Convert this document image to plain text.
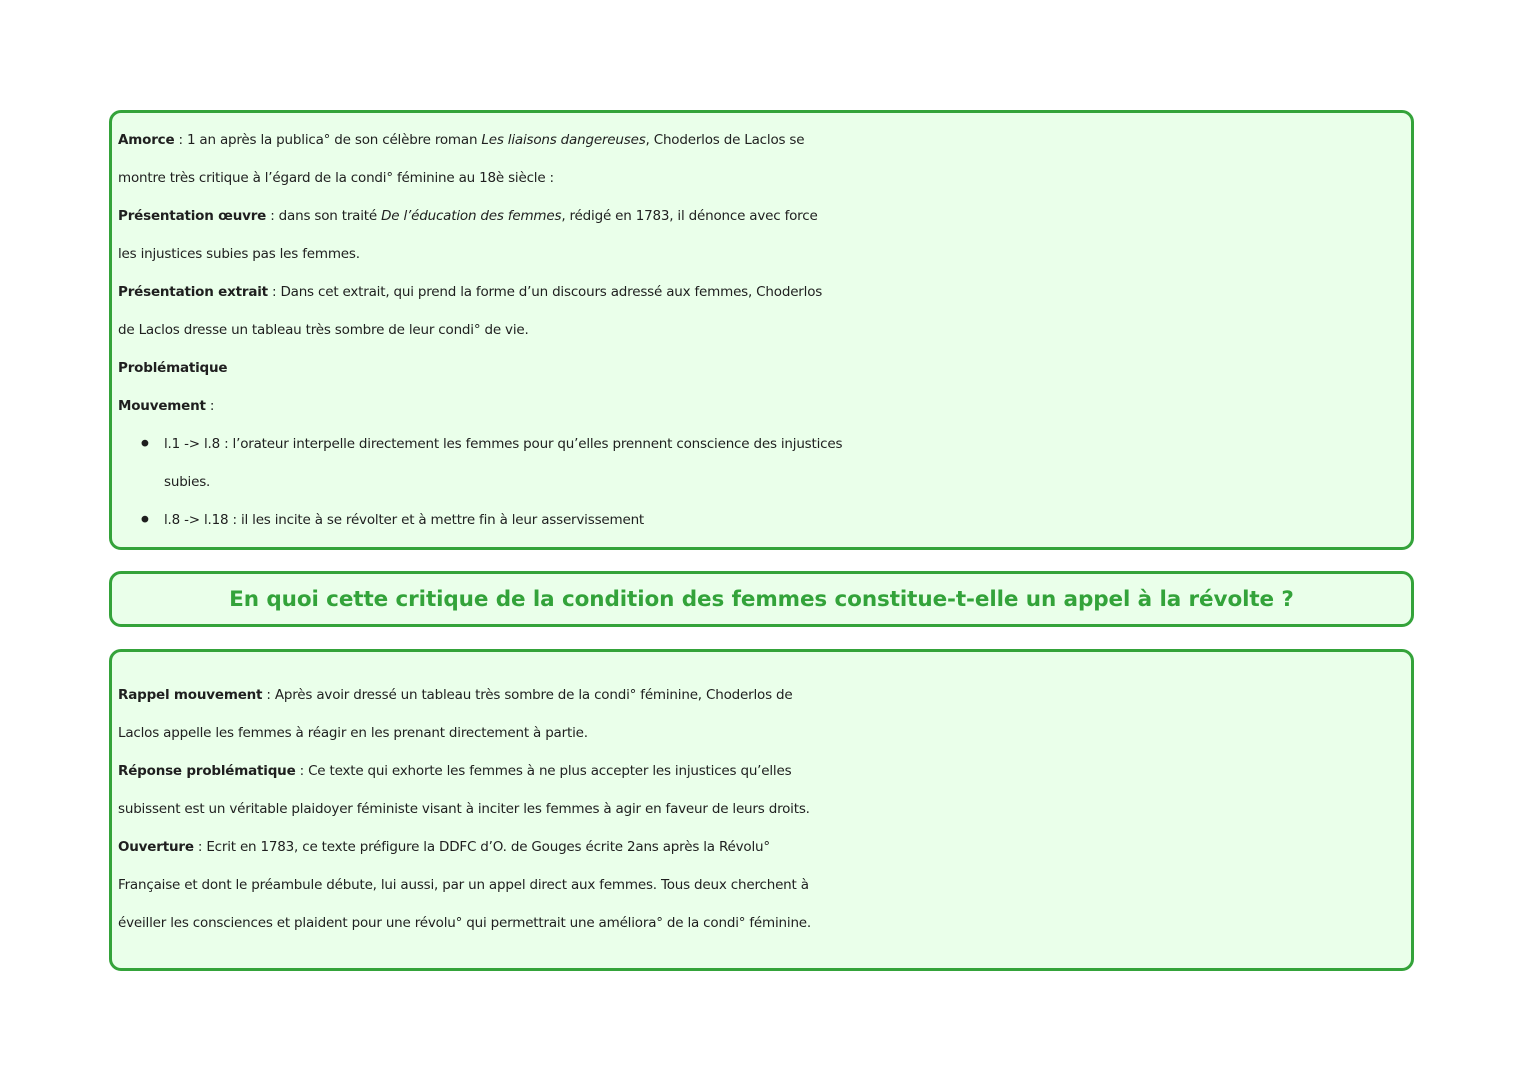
Amorce : 1 an après la publica° de son célèbre roman Les liaisons dangereuses, Choderlos de Laclos se
montre très critique à l’égard de la condi° féminine au 18è siècle :
Présentation œuvre : dans son traité De l’éducation des femmes, rédigé en 1783, il dénonce avec force
les injustices subies pas les femmes.
Présentation extrait : Dans cet extrait, qui prend la forme d’un discours adressé aux femmes, Choderlos
de Laclos dresse un tableau très sombre de leur condi° de vie.
Problématique
Mouvement :
• l.1 -> l.8 : l’orateur interpelle directement les femmes pour qu’elles prennent conscience des injustices
subies.
• l.8 -> l.18 : il les incite à se révolter et à mettre fin à leur asservissement
En quoi cette critique de la condition des femmes constitue-t-elle un appel à la révolte ?
Rappel mouvement : Après avoir dressé un tableau très sombre de la condi° féminine, Choderlos de
Laclos appelle les femmes à réagir en les prenant directement à partie.
Réponse problématique : Ce texte qui exhorte les femmes à ne plus accepter les injustices qu’elles
subissent est un véritable plaidoyer féministe visant à inciter les femmes à agir en faveur de leurs droits.
Ouverture : Ecrit en 1783, ce texte préfigure la DDFC d’O. de Gouges écrite 2ans après la Révolu°
Française et dont le préambule débute, lui aussi, par un appel direct aux femmes. Tous deux cherchent à
éveiller les consciences et plaident pour une révolu° qui permettrait une améliora° de la condi° féminine.
